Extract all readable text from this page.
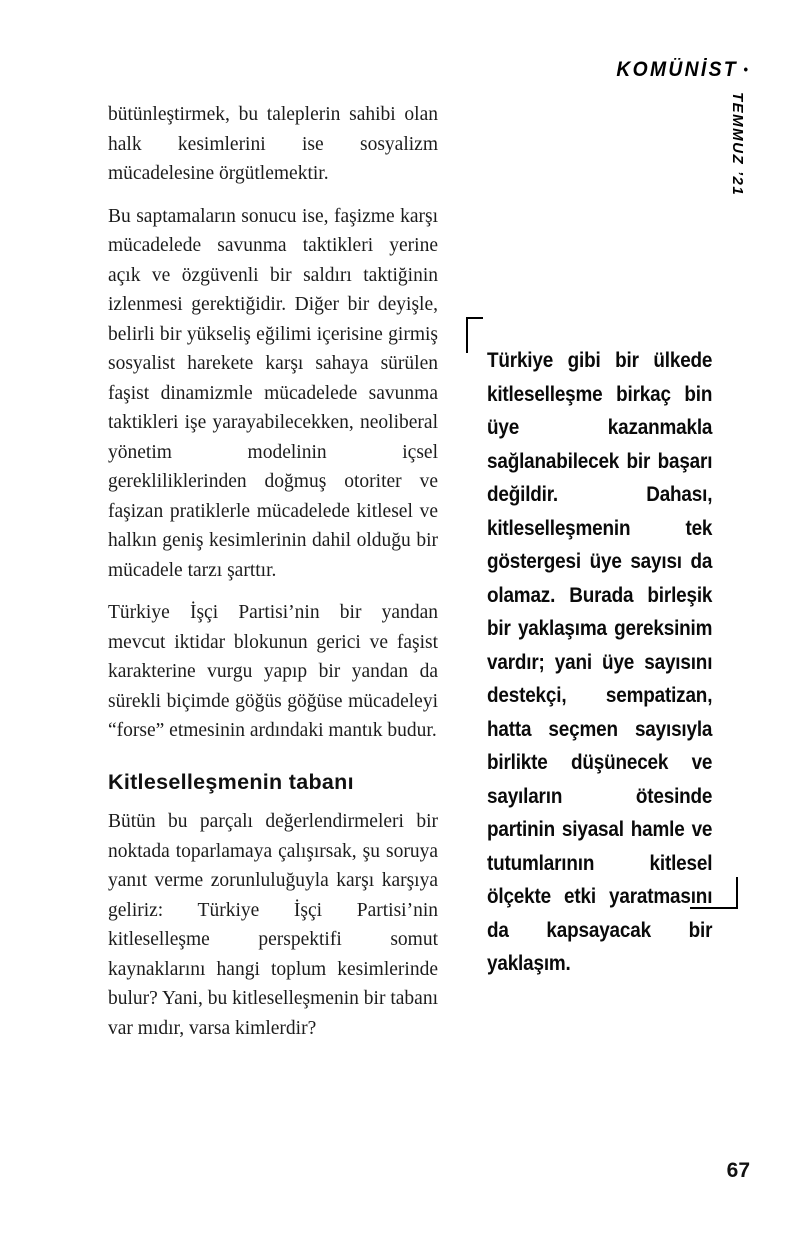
KOMÜNİST •
TEMMUZ ’21

bütünleştirmek, bu taleplerin sahibi olan halk kesimlerini ise sosyalizm mücadelesine örgütlemektir.

Bu saptamaların sonucu ise, faşizme karşı mücadelede savunma taktikleri yerine açık ve özgüvenli bir saldırı taktiğinin izlenmesi gerektiğidir. Diğer bir deyişle, belirli bir yükseliş eğilimi içerisine girmiş sosyalist harekete karşı sahaya sürülen faşist dinamizmle mücadelede savunma taktikleri işe yarayabilecekken, neoliberal yönetim modelinin içsel gerekliliklerinden doğmuş otoriter ve faşizan pratiklerle mücadelede kitlesel ve halkın geniş kesimlerinin dahil olduğu bir mücadele tarzı şarttır.

Türkiye İşçi Partisi’nin bir yandan mevcut iktidar blokunun gerici ve faşist karakterine vurgu yapıp bir yandan da sürekli biçimde göğüs göğüse mücadeleyi “forse” etmesinin ardındaki mantık budur.

Kitleselleşmenin tabanı

Bütün bu parçalı değerlendirmeleri bir noktada toparlamaya çalışırsak, şu soruya yanıt verme zorunluluğuyla karşı karşıya geliriz: Türkiye İşçi Partisi’nin kitleselleşme perspektifi somut kaynaklarını hangi toplum kesimlerinde bulur? Yani, bu kitleselleşmenin bir tabanı var mıdır, varsa kimlerdir?

Türkiye gibi bir ülkede kitleselleşme birkaç bin üye kazanmakla sağlanabilecek bir başarı değildir. Dahası, kitleselleşmenin tek göstergesi üye sayısı da olamaz. Burada birleşik bir yaklaşıma gereksinim vardır; yani üye sayısını destekçi, sempatizan, hatta seçmen sayısıyla birlikte düşünecek ve sayıların ötesinde partinin siyasal hamle ve tutumlarının kitlesel ölçekte etki yaratmasını da kapsayacak bir yaklaşım.
67
